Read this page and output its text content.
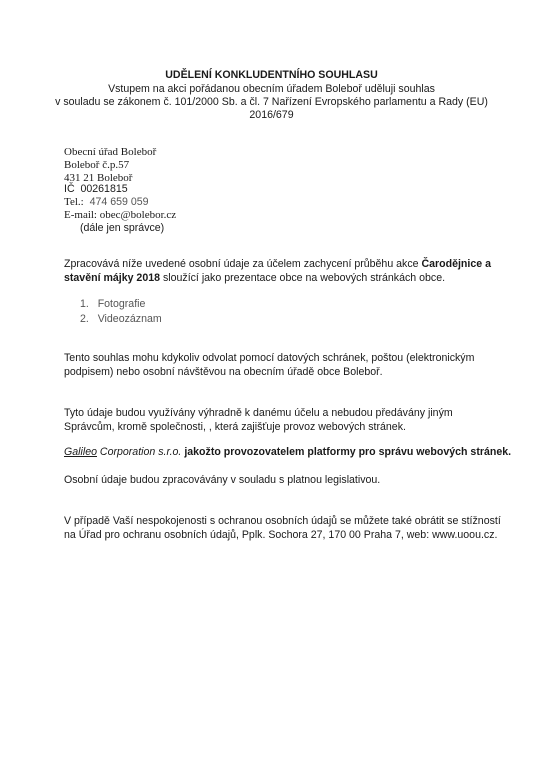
UDĚLENÍ KONKLUDENTNÍHO SOUHLASU
Vstupem na akci pořádanou obecním úřadem Boleboř uděluji souhlas
v souladu se zákonem č. 101/2000 Sb. a čl. 7 Nařízení Evropského parlamentu a Rady (EU)
2016/679
Obecní úřad Boleboř
Boleboř č.p.57
431 21 Boleboř
IČ 00261815
Tel.: 474 659 059
E-mail: obec@bolebor.cz
(dále jen správce)
Zpracovává níže uvedené osobní údaje za účelem zachycení průběhu akce Čarodějnice a
stavění májky 2018 sloužící jako prezentace obce na webových stránkách obce.
1. Fotografie
2. Videozáznam
Tento souhlas mohu kdykoliv odvolat pomocí datových schránek, poštou (elektronickým
podpisem) nebo osobní návštěvou na obecním úřadě obce Boleboř.
Tyto údaje budou využívány výhradně k danému účelu a nebudou předávány jiným
Správcům, kromě společnosti, , která zajišťuje provoz webových stránek.
Galileo Corporation s.r.o. jakožto provozovatelem platformy pro správu webových stránek.
Osobní údaje budou zpracovávány v souladu s platnou legislativou.
V případě Vaší nespokojenosti s ochranou osobních údajů se můžete také obrátit se stížností
na Úřad pro ochranu osobních údajů, Pplk. Sochora 27, 170 00 Praha 7, web: www.uoou.cz.
